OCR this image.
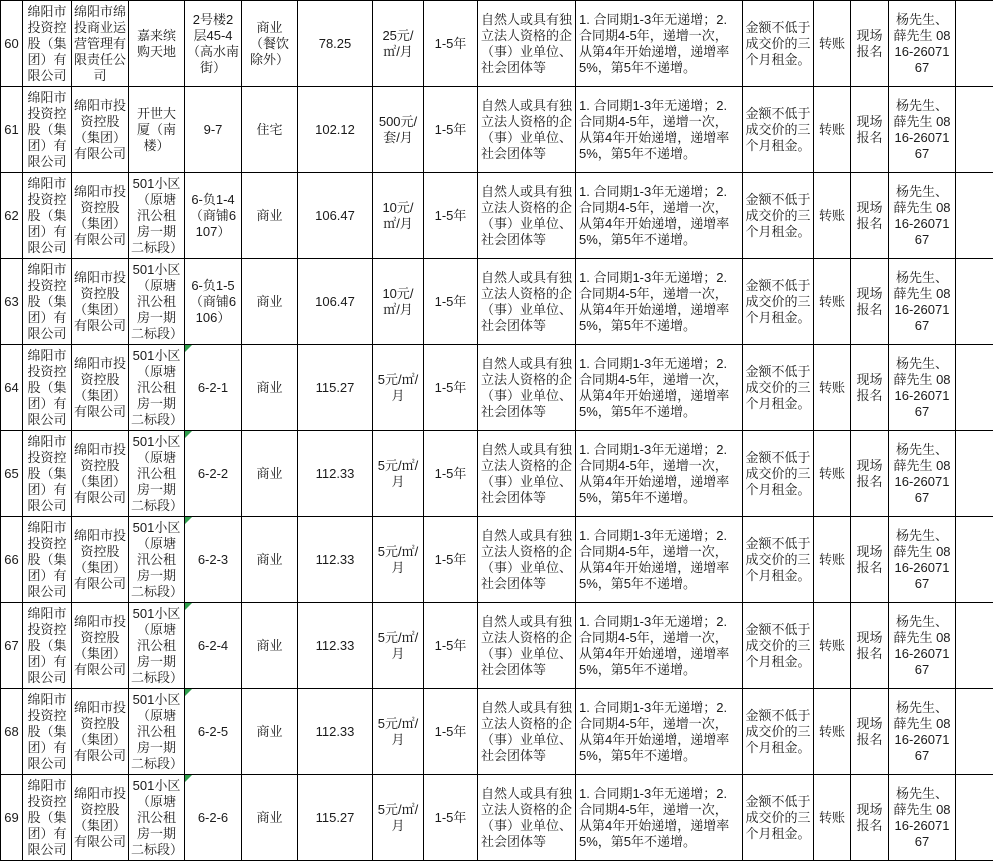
60	绵阳市投资控股（集团）有限公司	绵阳市绵投商业运营管理有限责任公司	嘉来缤购天地	2号楼2层45-4（高水南街）	商业（餐饮除外）	78.25	25元/㎡/月	1-5年	自然人或具有独立法人资格的企（事）业单位、社会团体等	1. 合同期1-3年无递增；2. 合同期4-5年，递增一次，从第4年开始递增，递增率5%，第5年不递增。	金额不低于成交价的三个月租金。	转账	现场报名	杨先生、薛先生 0816-2607167	
61	绵阳市投资控股（集团）有限公司	绵阳市投资控股（集团）有限公司	开世大厦（南楼）	9-7	住宅	102.12	500元/套/月	1-5年	自然人或具有独立法人资格的企（事）业单位、社会团体等	1. 合同期1-3年无递增；2. 合同期4-5年，递增一次，从第4年开始递增，递增率5%，第5年不递增。	金额不低于成交价的三个月租金。	转账	现场报名	杨先生、薛先生 0816-2607167	
62	绵阳市投资控股（集团）有限公司	绵阳市投资控股（集团）有限公司	501小区（原塘汛公租房一期二标段）	6-负1-4（商铺6107）	商业	106.47	10元/㎡/月	1-5年	自然人或具有独立法人资格的企（事）业单位、社会团体等	1. 合同期1-3年无递增；2. 合同期4-5年，递增一次，从第4年开始递增，递增率5%，第5年不递增。	金额不低于成交价的三个月租金。	转账	现场报名	杨先生、薛先生 0816-2607167	
63	绵阳市投资控股（集团）有限公司	绵阳市投资控股（集团）有限公司	501小区（原塘汛公租房一期二标段）	6-负1-5（商铺6106）	商业	106.47	10元/㎡/月	1-5年	自然人或具有独立法人资格的企（事）业单位、社会团体等	1. 合同期1-3年无递增；2. 合同期4-5年，递增一次，从第4年开始递增，递增率5%，第5年不递增。	金额不低于成交价的三个月租金。	转账	现场报名	杨先生、薛先生 0816-2607167	
64	绵阳市投资控股（集团）有限公司	绵阳市投资控股（集团）有限公司	501小区（原塘汛公租房一期二标段）	6-2-1	商业	115.27	5元/㎡/月	1-5年	自然人或具有独立法人资格的企（事）业单位、社会团体等	1. 合同期1-3年无递增；2. 合同期4-5年，递增一次，从第4年开始递增，递增率5%，第5年不递增。	金额不低于成交价的三个月租金。	转账	现场报名	杨先生、薛先生 0816-2607167	
65	绵阳市投资控股（集团）有限公司	绵阳市投资控股（集团）有限公司	501小区（原塘汛公租房一期二标段）	6-2-2	商业	112.33	5元/㎡/月	1-5年	自然人或具有独立法人资格的企（事）业单位、社会团体等	1. 合同期1-3年无递增；2. 合同期4-5年，递增一次，从第4年开始递增，递增率5%，第5年不递增。	金额不低于成交价的三个月租金。	转账	现场报名	杨先生、薛先生 0816-2607167	
66	绵阳市投资控股（集团）有限公司	绵阳市投资控股（集团）有限公司	501小区（原塘汛公租房一期二标段）	6-2-3	商业	112.33	5元/㎡/月	1-5年	自然人或具有独立法人资格的企（事）业单位、社会团体等	1. 合同期1-3年无递增；2. 合同期4-5年，递增一次，从第4年开始递增，递增率5%，第5年不递增。	金额不低于成交价的三个月租金。	转账	现场报名	杨先生、薛先生 0816-2607167	
67	绵阳市投资控股（集团）有限公司	绵阳市投资控股（集团）有限公司	501小区（原塘汛公租房一期二标段）	6-2-4	商业	112.33	5元/㎡/月	1-5年	自然人或具有独立法人资格的企（事）业单位、社会团体等	1. 合同期1-3年无递增；2. 合同期4-5年，递增一次，从第4年开始递增，递增率5%，第5年不递增。	金额不低于成交价的三个月租金。	转账	现场报名	杨先生、薛先生 0816-2607167	
68	绵阳市投资控股（集团）有限公司	绵阳市投资控股（集团）有限公司	501小区（原塘汛公租房一期二标段）	6-2-5	商业	112.33	5元/㎡/月	1-5年	自然人或具有独立法人资格的企（事）业单位、社会团体等	1. 合同期1-3年无递增；2. 合同期4-5年，递增一次，从第4年开始递增，递增率5%，第5年不递增。	金额不低于成交价的三个月租金。	转账	现场报名	杨先生、薛先生 0816-2607167	
69	绵阳市投资控股（集团）有限公司	绵阳市投资控股（集团）有限公司	501小区（原塘汛公租房一期二标段）	6-2-6	商业	115.27	5元/㎡/月	1-5年	自然人或具有独立法人资格的企（事）业单位、社会团体等	1. 合同期1-3年无递增；2. 合同期4-5年，递增一次，从第4年开始递增，递增率5%，第5年不递增。	金额不低于成交价的三个月租金。	转账	现场报名	杨先生、薛先生 0816-2607167	
